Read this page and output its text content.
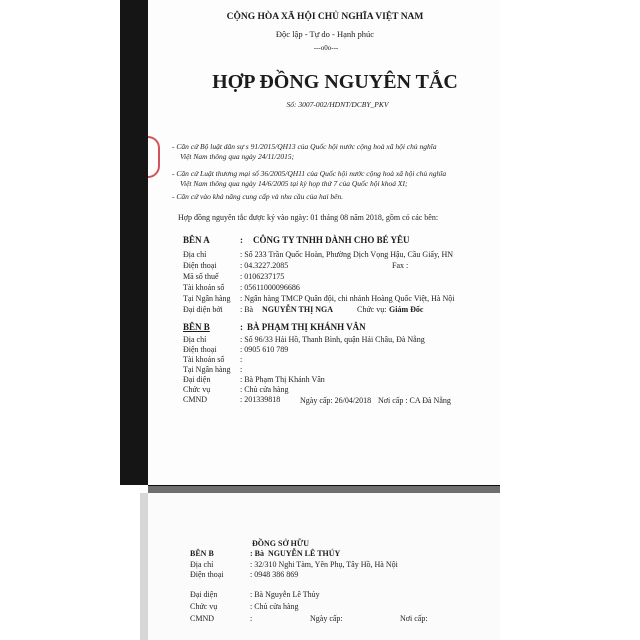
CỘNG HÒA XÃ HỘI CHỦ NGHĨA VIỆT NAM
Độc lập - Tự do - Hạnh phúc
---o0o---
HỢP ĐỒNG NGUYÊN TẮC
Số: 3007-002/HDNT/DCBY_PKV
- Căn cứ Bộ luật dân sự s 91/2015/QH13 của Quốc hội nước cộng hoà xã hội chủ nghĩa
Việt Nam thông qua ngày 24/11/2015;
- Căn cứ Luật thương mại số 36/2005/QH11 của Quốc hội nước cộng hoà xã hội chủ nghĩa
Việt Nam thông qua ngày 14/6/2005 tại kỳ họp thứ 7 của Quốc hội khoá XI;
- Căn cứ vào khả năng cung cấp và nhu cầu của hai bên.
Hợp đồng nguyên tắc được ký vào ngày: 01 tháng 08 năm 2018, gồm có các bên:
BÊN A	: CÔNG TY TNHH DÀNH CHO BÉ YÊU
Địa chỉ	: Số 233 Trần Quốc Hoàn, Phường Dịch Vọng Hậu, Cầu Giấy, HN
Điện thoại	: 04.3227.2085	Fax :
Mã số thuế	: 0106237175
Tài khoản số : 05611000096686
Tại Ngân hàng : Ngân hàng TMCP Quân đội, chi nhánh Hoàng Quốc Việt, Hà Nội
Đại diện bởi : Bà NGUYỄN THỊ NGA	Chức vụ: Giám Đốc
BÊN B	: BÀ PHẠM THỊ KHÁNH VÂN
Địa chỉ	: Số 96/33 Hải Hồ, Thanh Bình, quận Hải Châu, Đà Nẵng
Điện thoại	: 0905 610 789
Tài khoản số :
Tại Ngân hàng :
Đại diện	: Bà Phạm Thị Khánh Vân
Chức vụ	: Chủ cửa hàng
CMND	: 201339818 Ngày cấp: 26/04/2018 Nơi cấp : CA Đà Nẵng
ĐỒNG SỞ HỮU
BÊN B	: Bà NGUYỄN LÊ THÚY
Địa chỉ	: 32/310 Nghi Tàm, Yên Phụ, Tây Hồ, Hà Nội
Điện thoại	: 0948 386 869
Đại diện	: Bà Nguyễn Lê Thủy
Chức vụ	: Chủ cửa hàng
CMND	:	Ngày cấp:	Nơi cấp:
